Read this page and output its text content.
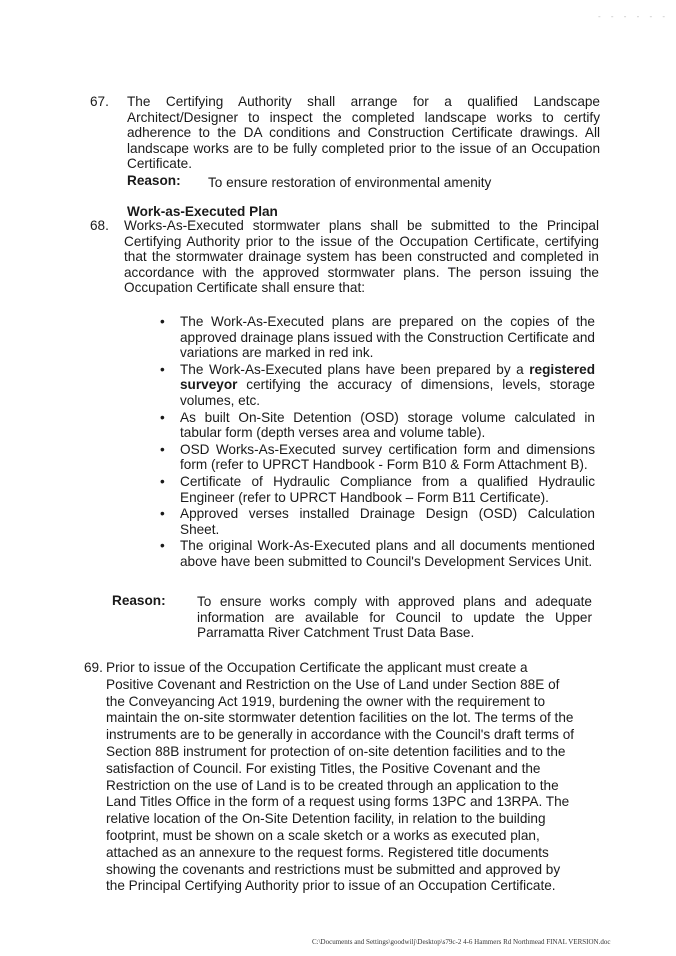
- - - - - -
67. The Certifying Authority shall arrange for a qualified Landscape Architect/Designer to inspect the completed landscape works to certify adherence to the DA conditions and Construction Certificate drawings. All landscape works are to be fully completed prior to the issue of an Occupation Certificate.
Reason: To ensure restoration of environmental amenity
Work-as-Executed Plan
68. Works-As-Executed stormwater plans shall be submitted to the Principal Certifying Authority prior to the issue of the Occupation Certificate, certifying that the stormwater drainage system has been constructed and completed in accordance with the approved stormwater plans. The person issuing the Occupation Certificate shall ensure that:
• The Work-As-Executed plans are prepared on the copies of the approved drainage plans issued with the Construction Certificate and variations are marked in red ink.
• The Work-As-Executed plans have been prepared by a registered surveyor certifying the accuracy of dimensions, levels, storage volumes, etc.
• As built On-Site Detention (OSD) storage volume calculated in tabular form (depth verses area and volume table).
• OSD Works-As-Executed survey certification form and dimensions form (refer to UPRCT Handbook - Form B10 & Form Attachment B).
• Certificate of Hydraulic Compliance from a qualified Hydraulic Engineer (refer to UPRCT Handbook – Form B11 Certificate).
• Approved verses installed Drainage Design (OSD) Calculation Sheet.
• The original Work-As-Executed plans and all documents mentioned above have been submitted to Council's Development Services Unit.
Reason: To ensure works comply with approved plans and adequate information are available for Council to update the Upper Parramatta River Catchment Trust Data Base.
69. Prior to issue of the Occupation Certificate the applicant must create a
Positive Covenant and Restriction on the Use of Land under Section 88E of
the Conveyancing Act 1919, burdening the owner with the requirement to
maintain the on-site stormwater detention facilities on the lot. The terms of the
instruments are to be generally in accordance with the Council's draft terms of
Section 88B instrument for protection of on-site detention facilities and to the
satisfaction of Council. For existing Titles, the Positive Covenant and the
Restriction on the use of Land is to be created through an application to the
Land Titles Office in the form of a request using forms 13PC and 13RPA. The
relative location of the On-Site Detention facility, in relation to the building
footprint, must be shown on a scale sketch or a works as executed plan,
attached as an annexure to the request forms. Registered title documents
showing the covenants and restrictions must be submitted and approved by
the Principal Certifying Authority prior to issue of an Occupation Certificate.
C:\Documents and Settings\goodwilj\Desktop\s79c-2 4-6 Hammers Rd Northmead FINAL VERSION.doc
